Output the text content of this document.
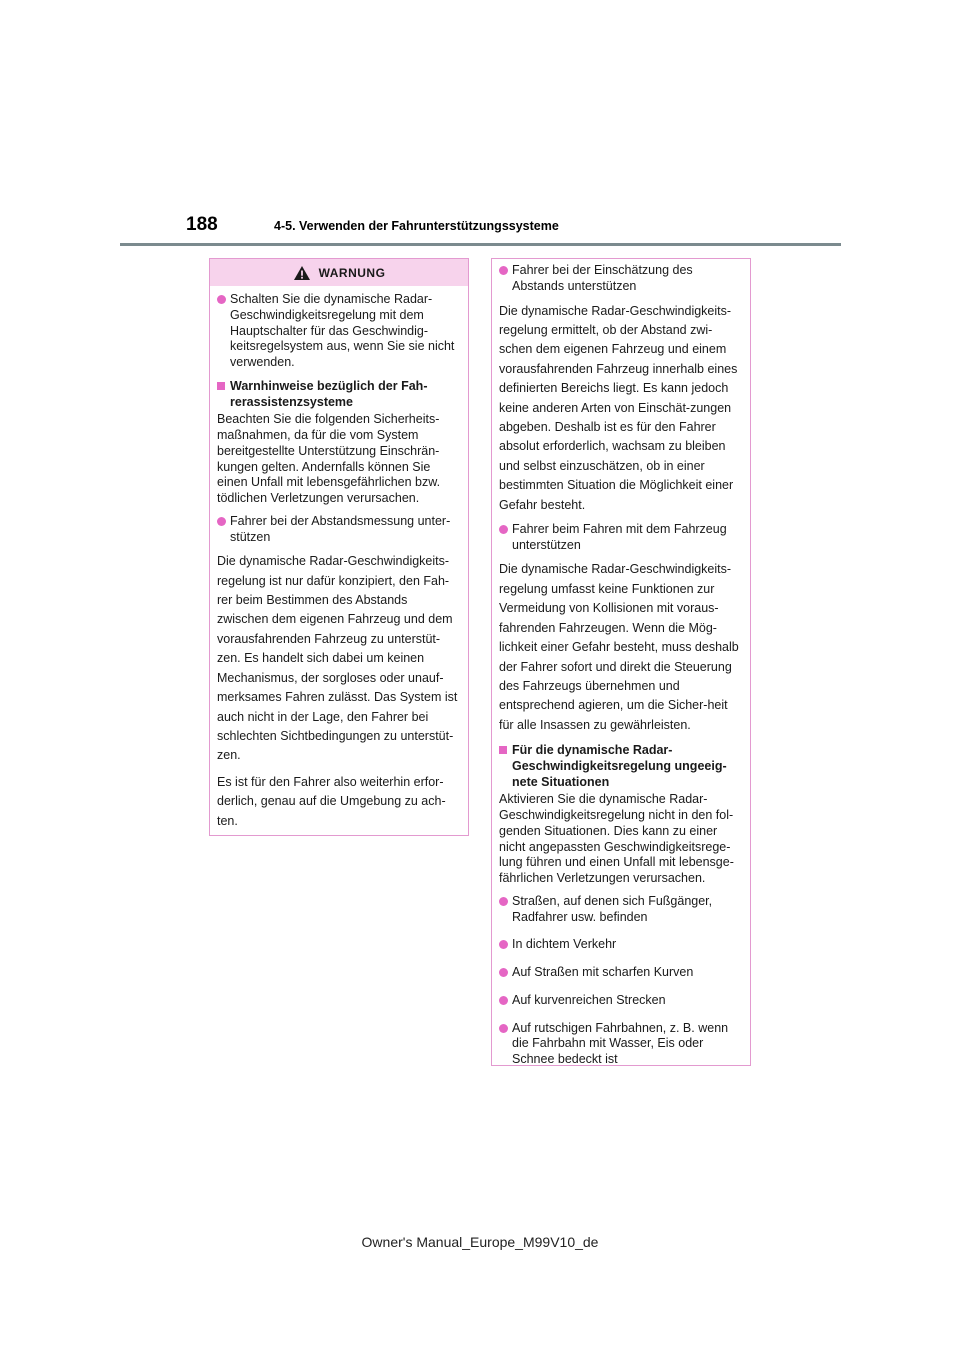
188	4-5. Verwenden der Fahrunterstützungssysteme
WARNUNG
Schalten Sie die dynamische Radar-Geschwindigkeitsregelung mit dem Hauptschalter für das Geschwindig-keitsregelsystem aus, wenn Sie sie nicht verwenden.
Warnhinweise bezüglich der Fah-rerassistenzsysteme
Beachten Sie die folgenden Sicherheits-maßnahmen, da für die vom System bereitgestellte Unterstützung Einschrän-kungen gelten. Andernfalls können Sie einen Unfall mit lebensgefährlichen bzw. tödlichen Verletzungen verursachen.
Fahrer bei der Abstandsmessung unter-stützen
Die dynamische Radar-Geschwindigkeits-regelung ist nur dafür konzipiert, den Fah-rer beim Bestimmen des Abstands zwischen dem eigenen Fahrzeug und dem vorausfahrenden Fahrzeug zu unterstüt-zen. Es handelt sich dabei um keinen Mechanismus, der sorgloses oder unauf-merksames Fahren zulässt. Das System ist auch nicht in der Lage, den Fahrer bei schlechten Sichtbedingungen zu unterstüt-zen.
Es ist für den Fahrer also weiterhin erfor-derlich, genau auf die Umgebung zu ach-ten.
Fahrer bei der Einschätzung des Abstands unterstützen
Die dynamische Radar-Geschwindigkeits-regelung ermittelt, ob der Abstand zwi-schen dem eigenen Fahrzeug und einem vorausfahrenden Fahrzeug innerhalb eines definierten Bereichs liegt. Es kann jedoch keine anderen Arten von Einschät-zungen abgeben. Deshalb ist es für den Fahrer absolut erforderlich, wachsam zu bleiben und selbst einzuschätzen, ob in einer bestimmten Situation die Möglichkeit einer Gefahr besteht.
Fahrer beim Fahren mit dem Fahrzeug unterstützen
Die dynamische Radar-Geschwindigkeits-regelung umfasst keine Funktionen zur Vermeidung von Kollisionen mit voraus-fahrenden Fahrzeugen. Wenn die Mög-lichkeit einer Gefahr besteht, muss deshalb der Fahrer sofort und direkt die Steuerung des Fahrzeugs übernehmen und entsprechend agieren, um die Sicher-heit für alle Insassen zu gewährleisten.
Für die dynamische Radar-Geschwindigkeitsregelung ungeeig-nete Situationen
Aktivieren Sie die dynamische Radar-Geschwindigkeitsregelung nicht in den fol-genden Situationen. Dies kann zu einer nicht angepassten Geschwindigkeitsrege-lung führen und einen Unfall mit lebensge-fährlichen Verletzungen verursachen.
Straßen, auf denen sich Fußgänger, Radfahrer usw. befinden
In dichtem Verkehr
Auf Straßen mit scharfen Kurven
Auf kurvenreichen Strecken
Auf rutschigen Fahrbahnen, z. B. wenn die Fahrbahn mit Wasser, Eis oder Schnee bedeckt ist
Owner's Manual_Europe_M99V10_de
